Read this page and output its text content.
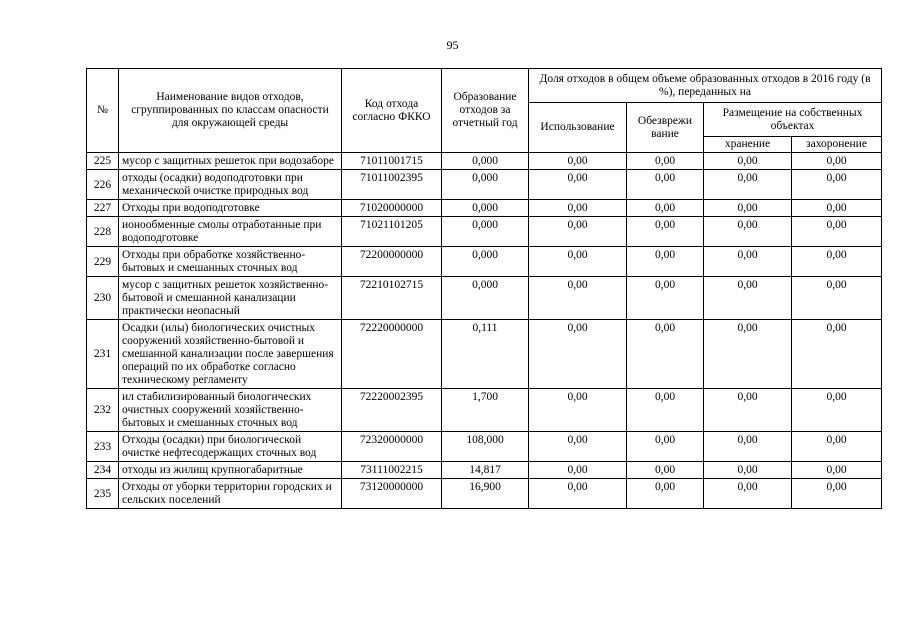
95
№	Наименование видов отходов, сгруппированных по классам опасности для окружающей среды	Код отхода согласно ФККО	Образование отходов за отчетный год	Доля отходов в общем объеме образованных отходов в 2016 году (в %), переданных на			
				Использование	Обезврежи вание	Размещение на собственных объектах	
						хранение	захоронение
225	мусор с защитных решеток при водозаборе	71011001715	0,000	0,00	0,00	0,00	0,00
226	отходы (осадки) водоподготовки при механической очистке природных вод	71011002395	0,000	0,00	0,00	0,00	0,00
227	Отходы при водоподготовке	71020000000	0,000	0,00	0,00	0,00	0,00
228	ионообменные смолы отработанные при водоподготовке	71021101205	0,000	0,00	0,00	0,00	0,00
229	Отходы при обработке хозяйственно-бытовых и смешанных сточных вод	72200000000	0,000	0,00	0,00	0,00	0,00
230	мусор с защитных решеток хозяйственно-бытовой и смешанной канализации практически неопасный	72210102715	0,000	0,00	0,00	0,00	0,00
231	Осадки (илы) биологических очистных сооружений хозяйственно-бытовой и смешанной канализации после завершения операций по их обработке согласно техническому регламенту	72220000000	0,111	0,00	0,00	0,00	0,00
232	ил стабилизированный биологических очистных сооружений хозяйственно-бытовых и смешанных сточных вод	72220002395	1,700	0,00	0,00	0,00	0,00
233	Отходы (осадки) при биологической очистке нефтесодержащих сточных вод	72320000000	108,000	0,00	0,00	0,00	0,00
234	отходы из жилищ крупногабаритные	73111002215	14,817	0,00	0,00	0,00	0,00
235	Отходы от уборки территории городских и сельских поселений	73120000000	16,900	0,00	0,00	0,00	0,00
